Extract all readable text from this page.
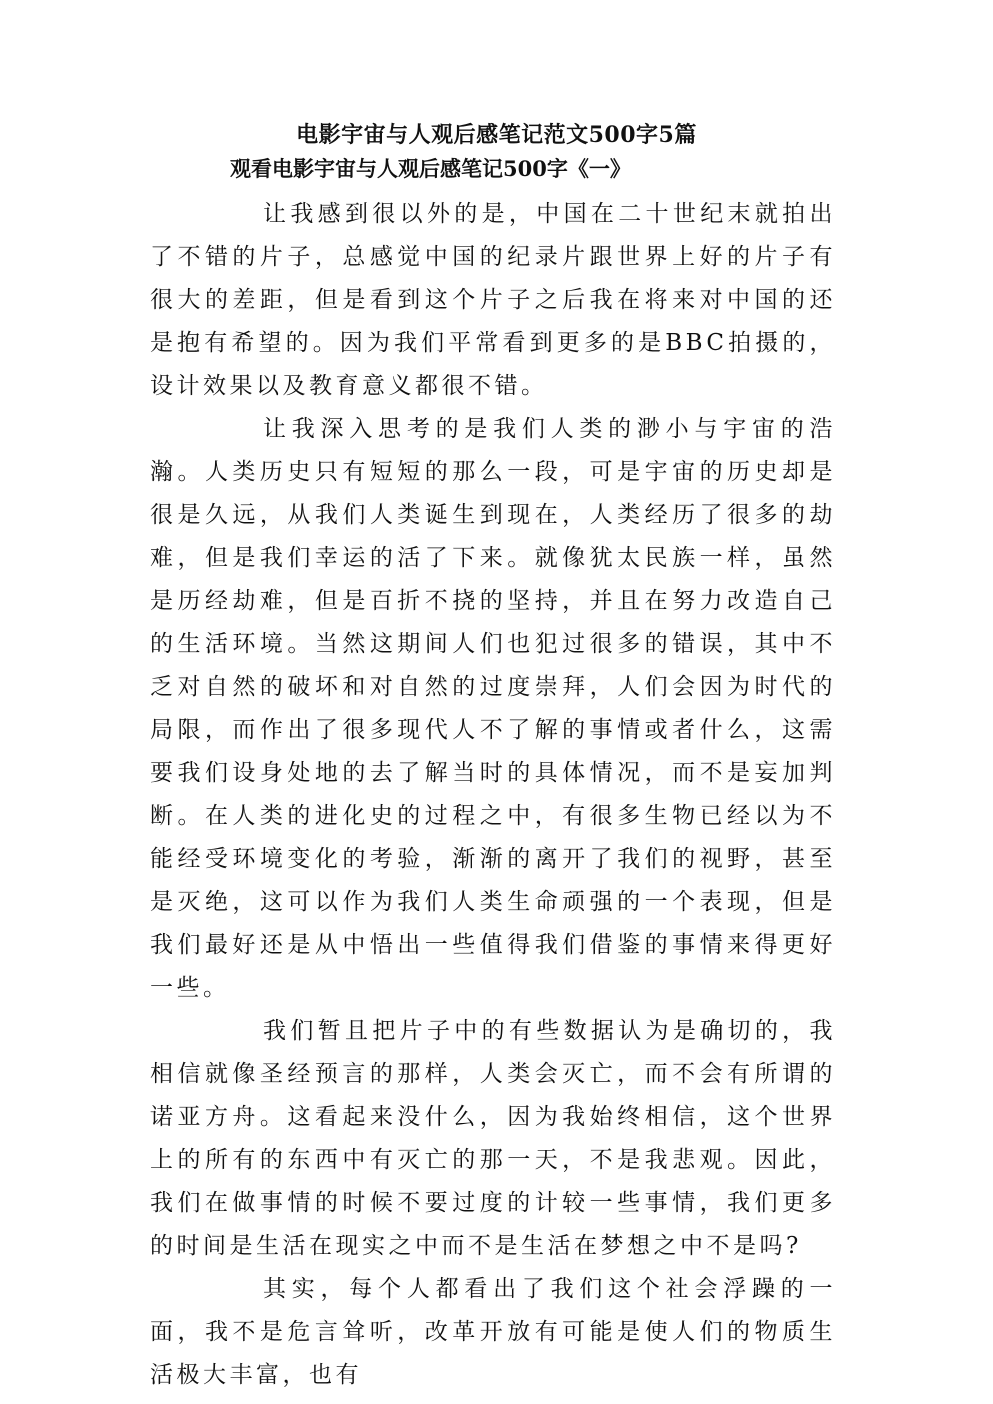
电影宇宙与人观后感笔记范文500字5篇
观看电影宇宙与人观后感笔记500字《一》

让我感到很以外的是，中国在二十世纪末就拍出了不错的片子，总感觉中国的纪录片跟世界上好的片子有很大的差距，但是看到这个片子之后我在将来对中国的还是抱有希望的。因为我们平常看到更多的是BBC拍摄的，设计效果以及教育意义都很不错。

让我深入思考的是我们人类的渺小与宇宙的浩瀚。人类历史只有短短的那么一段，可是宇宙的历史却是很是久远，从我们人类诞生到现在，人类经历了很多的劫难，但是我们幸运的活了下来。就像犹太民族一样，虽然是历经劫难，但是百折不挠的坚持，并且在努力改造自己的生活环境。当然这期间人们也犯过很多的错误，其中不乏对自然的破坏和对自然的过度崇拜，人们会因为时代的局限，而作出了很多现代人不了解的事情或者什么，这需要我们设身处地的去了解当时的具体情况，而不是妄加判断。在人类的进化史的过程之中，有很多生物已经以为不能经受环境变化的考验，渐渐的离开了我们的视野，甚至是灭绝，这可以作为我们人类生命顽强的一个表现，但是我们最好还是从中悟出一些值得我们借鉴的事情来得更好一些。

我们暂且把片子中的有些数据认为是确切的，我相信就像圣经预言的那样，人类会灭亡，而不会有所谓的诺亚方舟。这看起来没什么，因为我始终相信，这个世界上的所有的东西中有灭亡的那一天，不是我悲观。因此，我们在做事情的时候不要过度的计较一些事情，我们更多的时间是生活在现实之中而不是生活在梦想之中不是吗?

其实，每个人都看出了我们这个社会浮躁的一面，我不是危言耸听，改革开放有可能是使人们的物质生活极大丰富，也有
